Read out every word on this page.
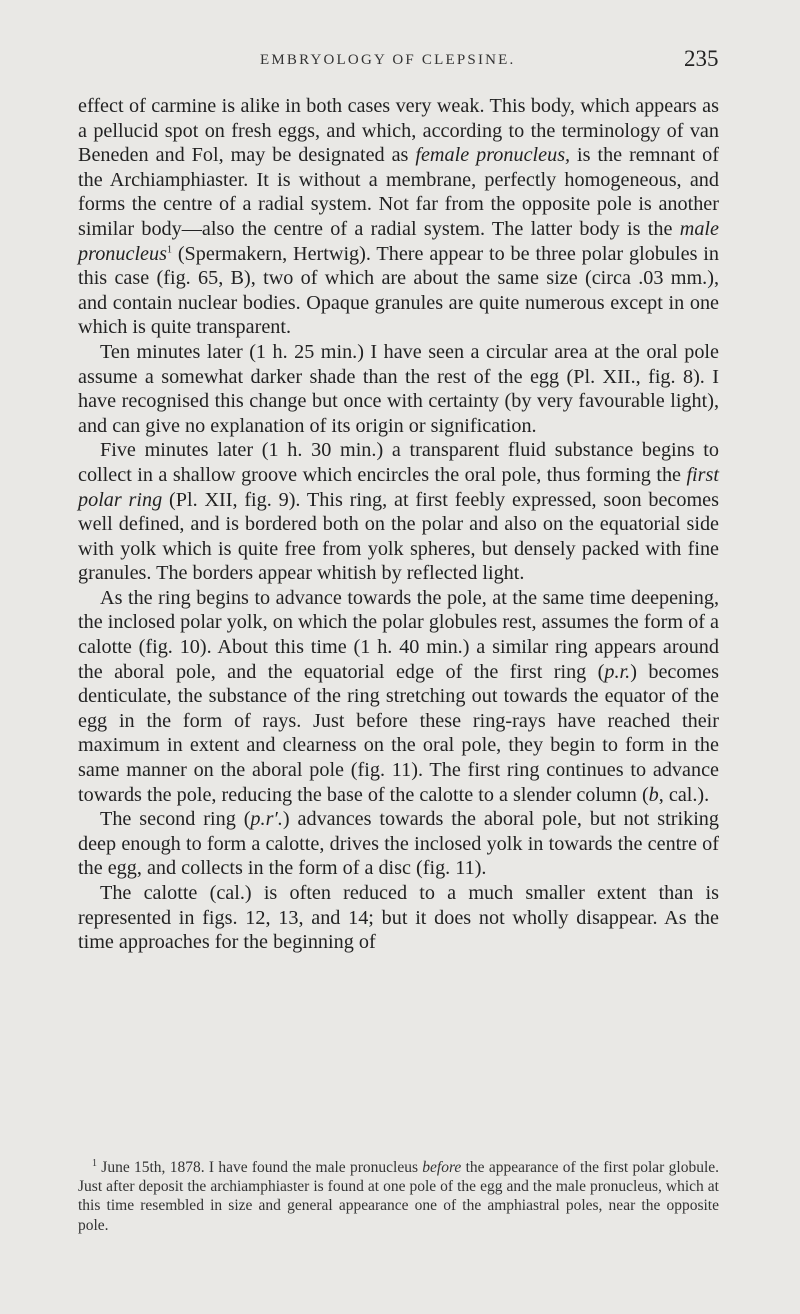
EMBRYOLOGY OF CLEPSINE.	235

effect of carmine is alike in both cases very weak. This body, which appears as a pellucid spot on fresh eggs, and which, according to the terminology of van Beneden and Fol, may be designated as female pronucleus, is the remnant of the Archiamphiaster. It is without a membrane, perfectly homogeneous, and forms the centre of a radial system. Not far from the opposite pole is another similar body—also the centre of a radial system. The latter body is the male pronucleus$^1$ (Spermakern, Hertwig). There appear to be three polar globules in this case (fig. 65, B), two of which are about the same size (circa .03 mm.), and contain nuclear bodies. Opaque granules are quite numerous except in one which is quite transparent.

Ten minutes later (1 h. 25 min.) I have seen a circular area at the oral pole assume a somewhat darker shade than the rest of the egg (Pl. XII., fig. 8). I have recognised this change but once with certainty (by very favourable light), and can give no explanation of its origin or signification.

Five minutes later (1 h. 30 min.) a transparent fluid substance begins to collect in a shallow groove which encircles the oral pole, thus forming the first polar ring (Pl. XII, fig. 9). This ring, at first feebly expressed, soon becomes well defined, and is bordered both on the polar and also on the equatorial side with yolk which is quite free from yolk spheres, but densely packed with fine granules. The borders appear whitish by reflected light.

As the ring begins to advance towards the pole, at the same time deepening, the inclosed polar yolk, on which the polar globules rest, assumes the form of a calotte (fig. 10). About this time (1 h. 40 min.) a similar ring appears around the aboral pole, and the equatorial edge of the first ring (p.r.) becomes denticulate, the substance of the ring stretching out towards the equator of the egg in the form of rays. Just before these ring-rays have reached their maximum in extent and clearness on the oral pole, they begin to form in the same manner on the aboral pole (fig. 11). The first ring continues to advance towards the pole, reducing the base of the calotte to a slender column (b, cal.).

The second ring (p.r′.) advances towards the aboral pole, but not striking deep enough to form a calotte, drives the inclosed yolk in towards the centre of the egg, and collects in the form of a disc (fig. 11).

The calotte (cal.) is often reduced to a much smaller extent than is represented in figs. 12, 13, and 14; but it does not wholly disappear. As the time approaches for the beginning of

$^1$ June 15th, 1878. I have found the male pronucleus before the appearance of the first polar globule. Just after deposit the archiamphiaster is found at one pole of the egg and the male pronucleus, which at this time resembled in size and general appearance one of the amphiastral poles, near the opposite pole.
